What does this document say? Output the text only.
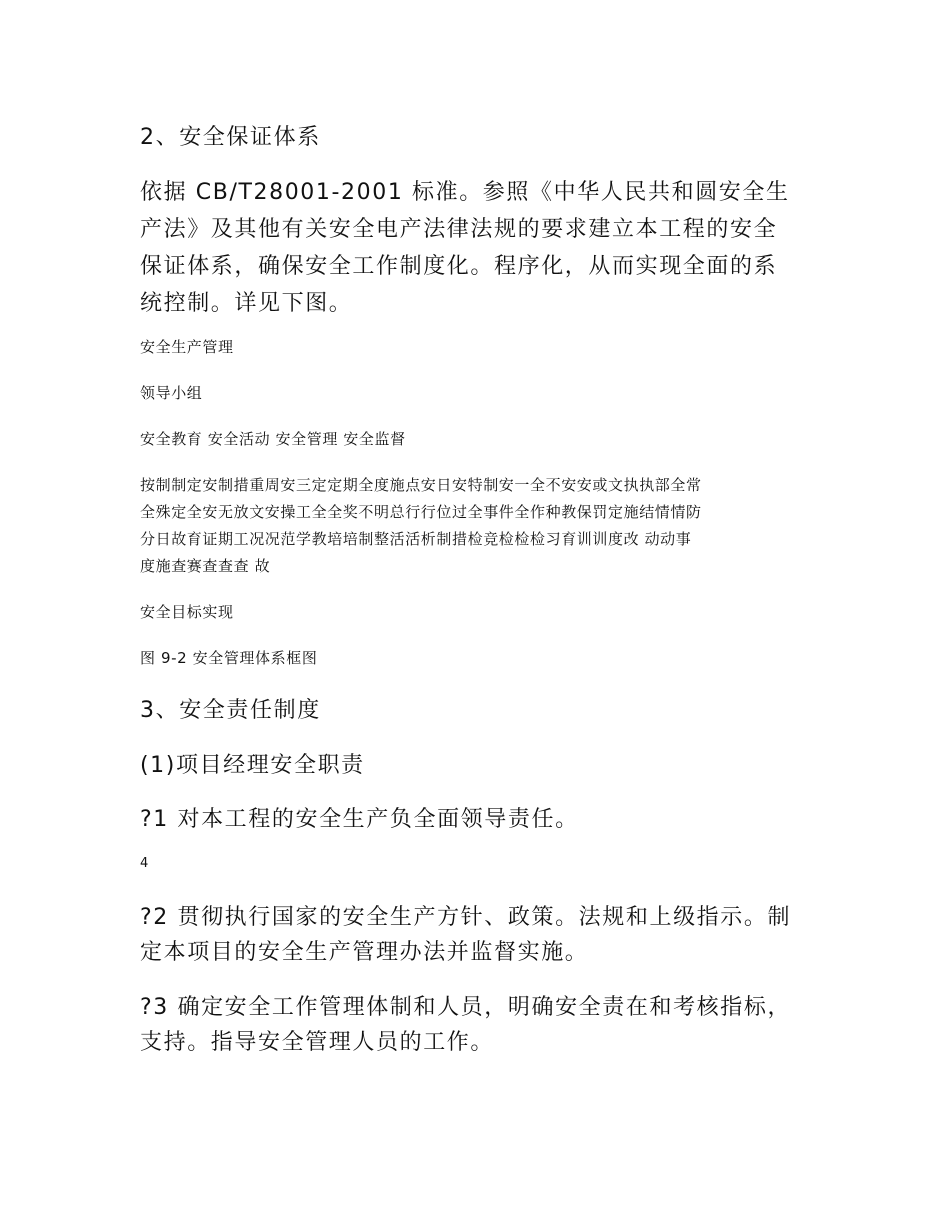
2、安全保证体系
依据 CB/T28001-2001 标准。参照《中华人民共和圆安全生
产法》及其他有关安全电产法律法规的要求建立本工程的安全
保证体系，确保安全工作制度化。程序化，从而实现全面的系
统控制。详见下图。
安全生产管理
领导小组
安全教育 安全活动 安全管理 安全监督
按制制定安制措重周安三定定期全度施点安日安特制安一全不安安或文执执部全常
全殊定全安无放文安操工全全奖不明总行行位过全事件全作种教保罚定施结情情防
分日故育证期工况况范学教培培制整活活析制措检竞检检检习育训训度改 动动事
度施查赛查查查 故
安全目标实现
图 9-2 安全管理体系框图
3、安全责任制度
(1)项目经理安全职责
?1 对本工程的安全生产负全面领导责任。
4
?2 贯彻执行国家的安全生产方针、政策。法规和上级指示。制
定本项目的安全生产管理办法并监督实施。
?3 确定安全工作管理体制和人员，明确安全责在和考核指标，
支持。指导安全管理人员的工作。
